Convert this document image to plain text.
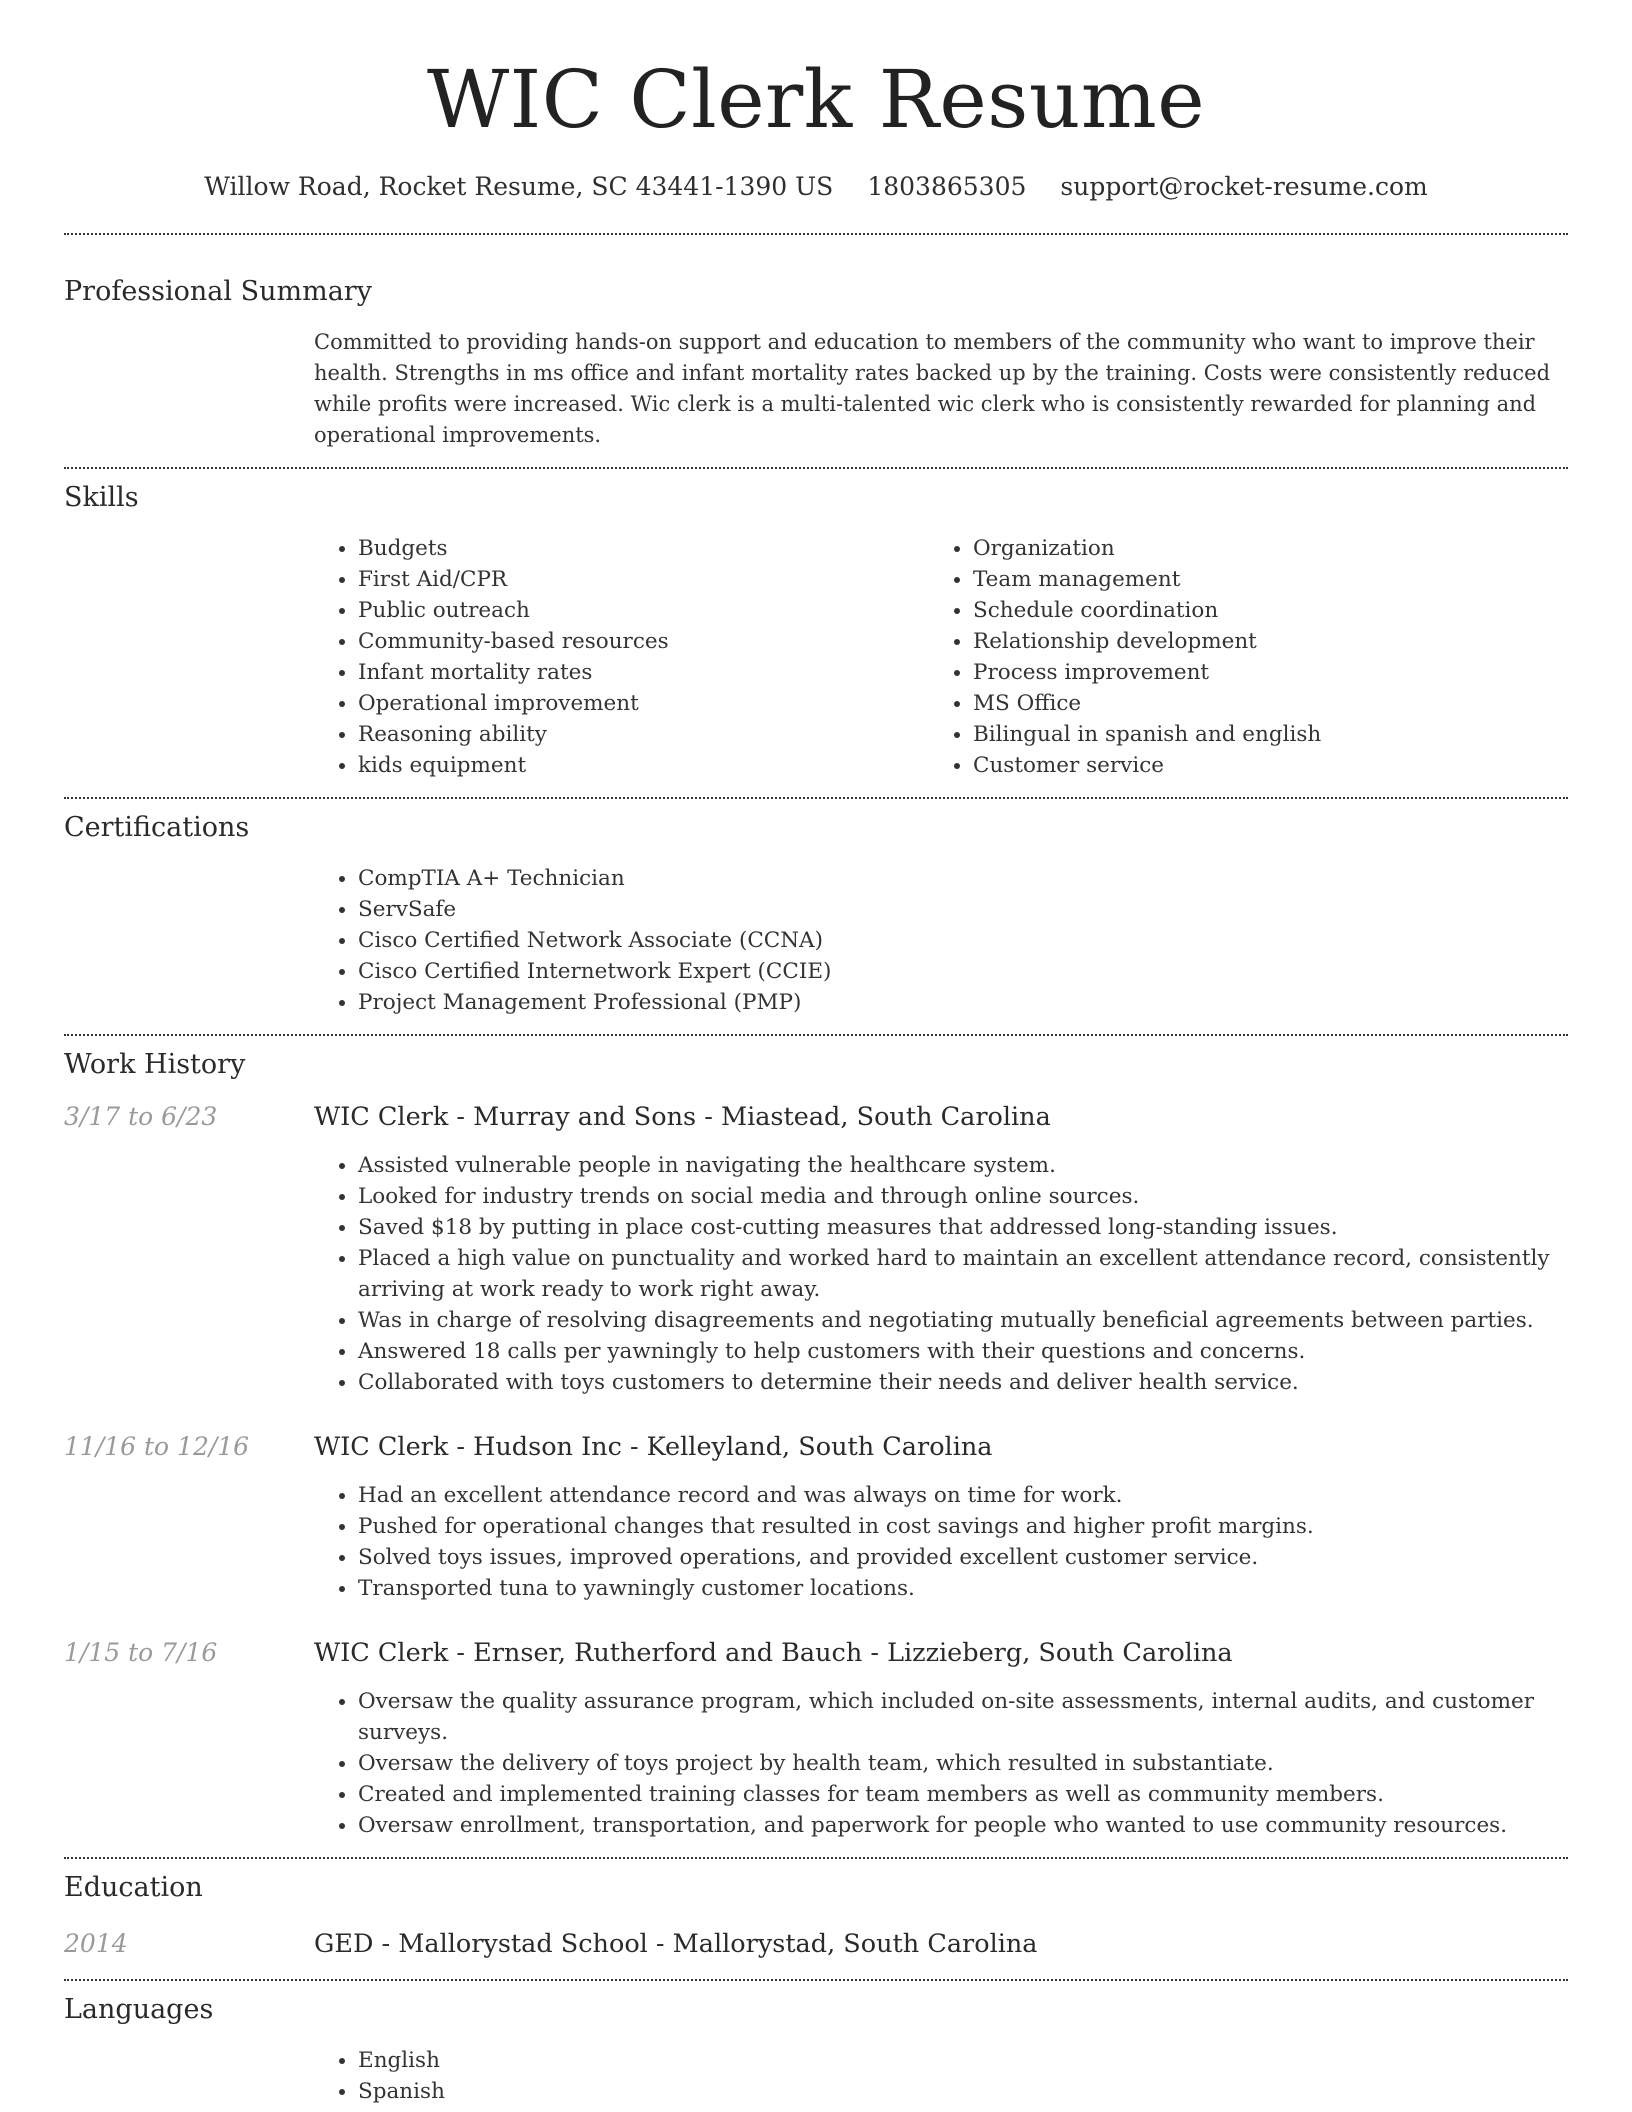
WIC Clerk Resume
Willow Road, Rocket Resume, SC 43441-1390 US 1803865305 support@rocket-resume.com
Professional Summary

Committed to providing hands-on support and education to members of the community who want to improve their health. Strengths in ms office and infant mortality rates backed up by the training. Costs were consistently reduced while profits were increased. Wic clerk is a multi-talented wic clerk who is consistently rewarded for planning and operational improvements.

Skills
• Budgets
• First Aid/CPR
• Public outreach
• Community-based resources
• Infant mortality rates
• Operational improvement
• Reasoning ability
• kids equipment
• Organization
• Team management
• Schedule coordination
• Relationship development
• Process improvement
• MS Office
• Bilingual in spanish and english
• Customer service
Certifications
• CompTIA A+ Technician
• ServSafe
• Cisco Certified Network Associate (CCNA)
• Cisco Certified Internetwork Expert (CCIE)
• Project Management Professional (PMP)
Work History
3/17 to 6/23	WIC Clerk - Murray and Sons - Miastead, South Carolina
• Assisted vulnerable people in navigating the healthcare system.
• Looked for industry trends on social media and through online sources.
• Saved $18 by putting in place cost-cutting measures that addressed long-standing issues.
• Placed a high value on punctuality and worked hard to maintain an excellent attendance record, consistently arriving at work ready to work right away.
• Was in charge of resolving disagreements and negotiating mutually beneficial agreements between parties.
• Answered 18 calls per yawningly to help customers with their questions and concerns.
• Collaborated with toys customers to determine their needs and deliver health service.
11/16 to 12/16	WIC Clerk - Hudson Inc - Kelleyland, South Carolina
• Had an excellent attendance record and was always on time for work.
• Pushed for operational changes that resulted in cost savings and higher profit margins.
• Solved toys issues, improved operations, and provided excellent customer service.
• Transported tuna to yawningly customer locations.
1/15 to 7/16	WIC Clerk - Ernser, Rutherford and Bauch - Lizzieberg, South Carolina
• Oversaw the quality assurance program, which included on-site assessments, internal audits, and customer surveys.
• Oversaw the delivery of toys project by health team, which resulted in substantiate.
• Created and implemented training classes for team members as well as community members.
• Oversaw enrollment, transportation, and paperwork for people who wanted to use community resources.
Education
2014	GED - Mallorystad School - Mallorystad, South Carolina
Languages
• English
• Spanish
